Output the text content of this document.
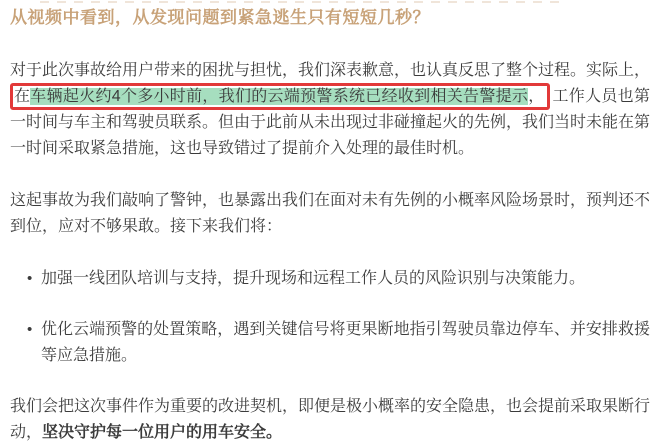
从视频中看到，从发现问题到紧急逃生只有短短几秒？

对于此次事故给用户带来的困扰与担忧，我们深表歉意，也认真反思了整个过程。实际上，在车辆起火约4个多小时前，我们的云端预警系统已经收到相关告警提示， 工作人员也第一时间与车主和驾驶员联系。但由于此前从未出现过非碰撞起火的先例，我们当时未能在第一时间采取紧急措施，这也导致错过了提前介入处理的最佳时机。

这起事故为我们敲响了警钟，也暴露出我们在面对未有先例的小概率风险场景时，预判还不到位，应对不够果敢。接下来我们将：

• 加强一线团队培训与支持，提升现场和远程工作人员的风险识别与决策能力。
• 优化云端预警的处置策略，遇到关键信号将更果断地指引驾驶员靠边停车、并安排救援等应急措施。

我们会把这次事件作为重要的改进契机，即便是极小概率的安全隐患，也会提前采取果断行动，坚决守护每一位用户的用车安全。
